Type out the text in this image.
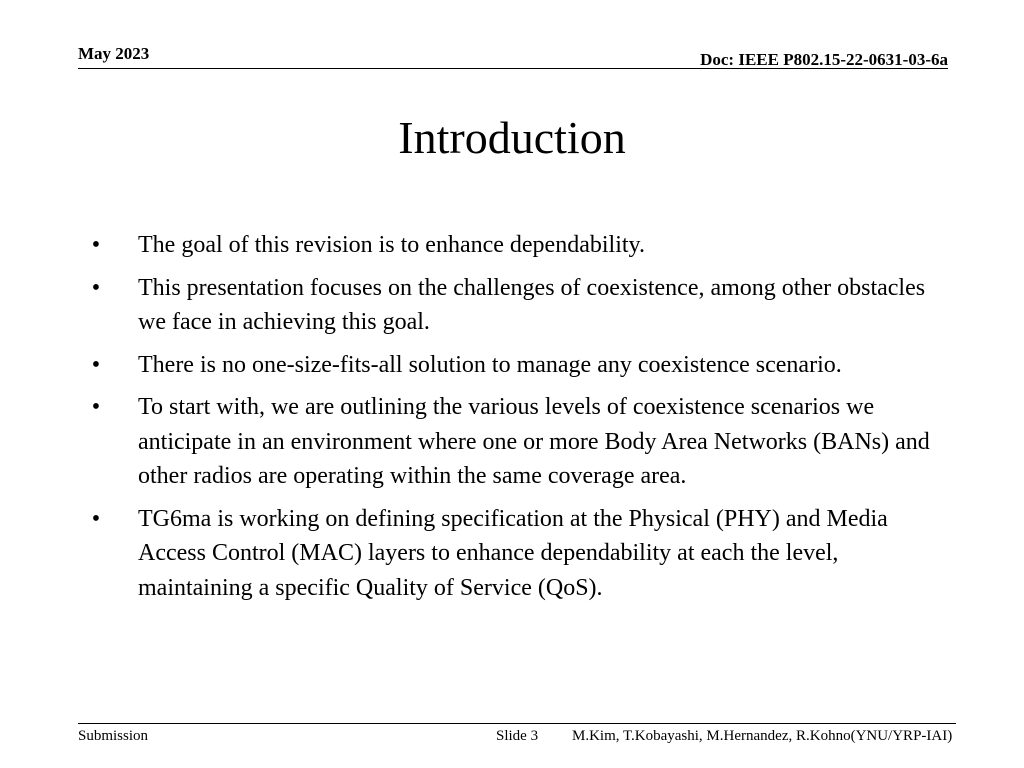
May 2023	Doc: IEEE P802.15-22-0631-03-6a
Introduction
• The goal of this revision is to enhance dependability.
• This presentation focuses on the challenges of coexistence, among other obstacles we face in achieving this goal.
• There is no one-size-fits-all solution to manage any coexistence scenario.
• To start with, we are outlining the various levels of coexistence scenarios we anticipate in an environment where one or more Body Area Networks (BANs) and other radios are operating within the same coverage area.
• TG6ma is working on defining specification at the Physical (PHY) and Media Access Control (MAC) layers to enhance dependability at each the level, maintaining a specific Quality of Service (QoS).
Submission	Slide 3 M.Kim, T.Kobayashi, M.Hernandez, R.Kohno(YNU/YRP-IAI)
